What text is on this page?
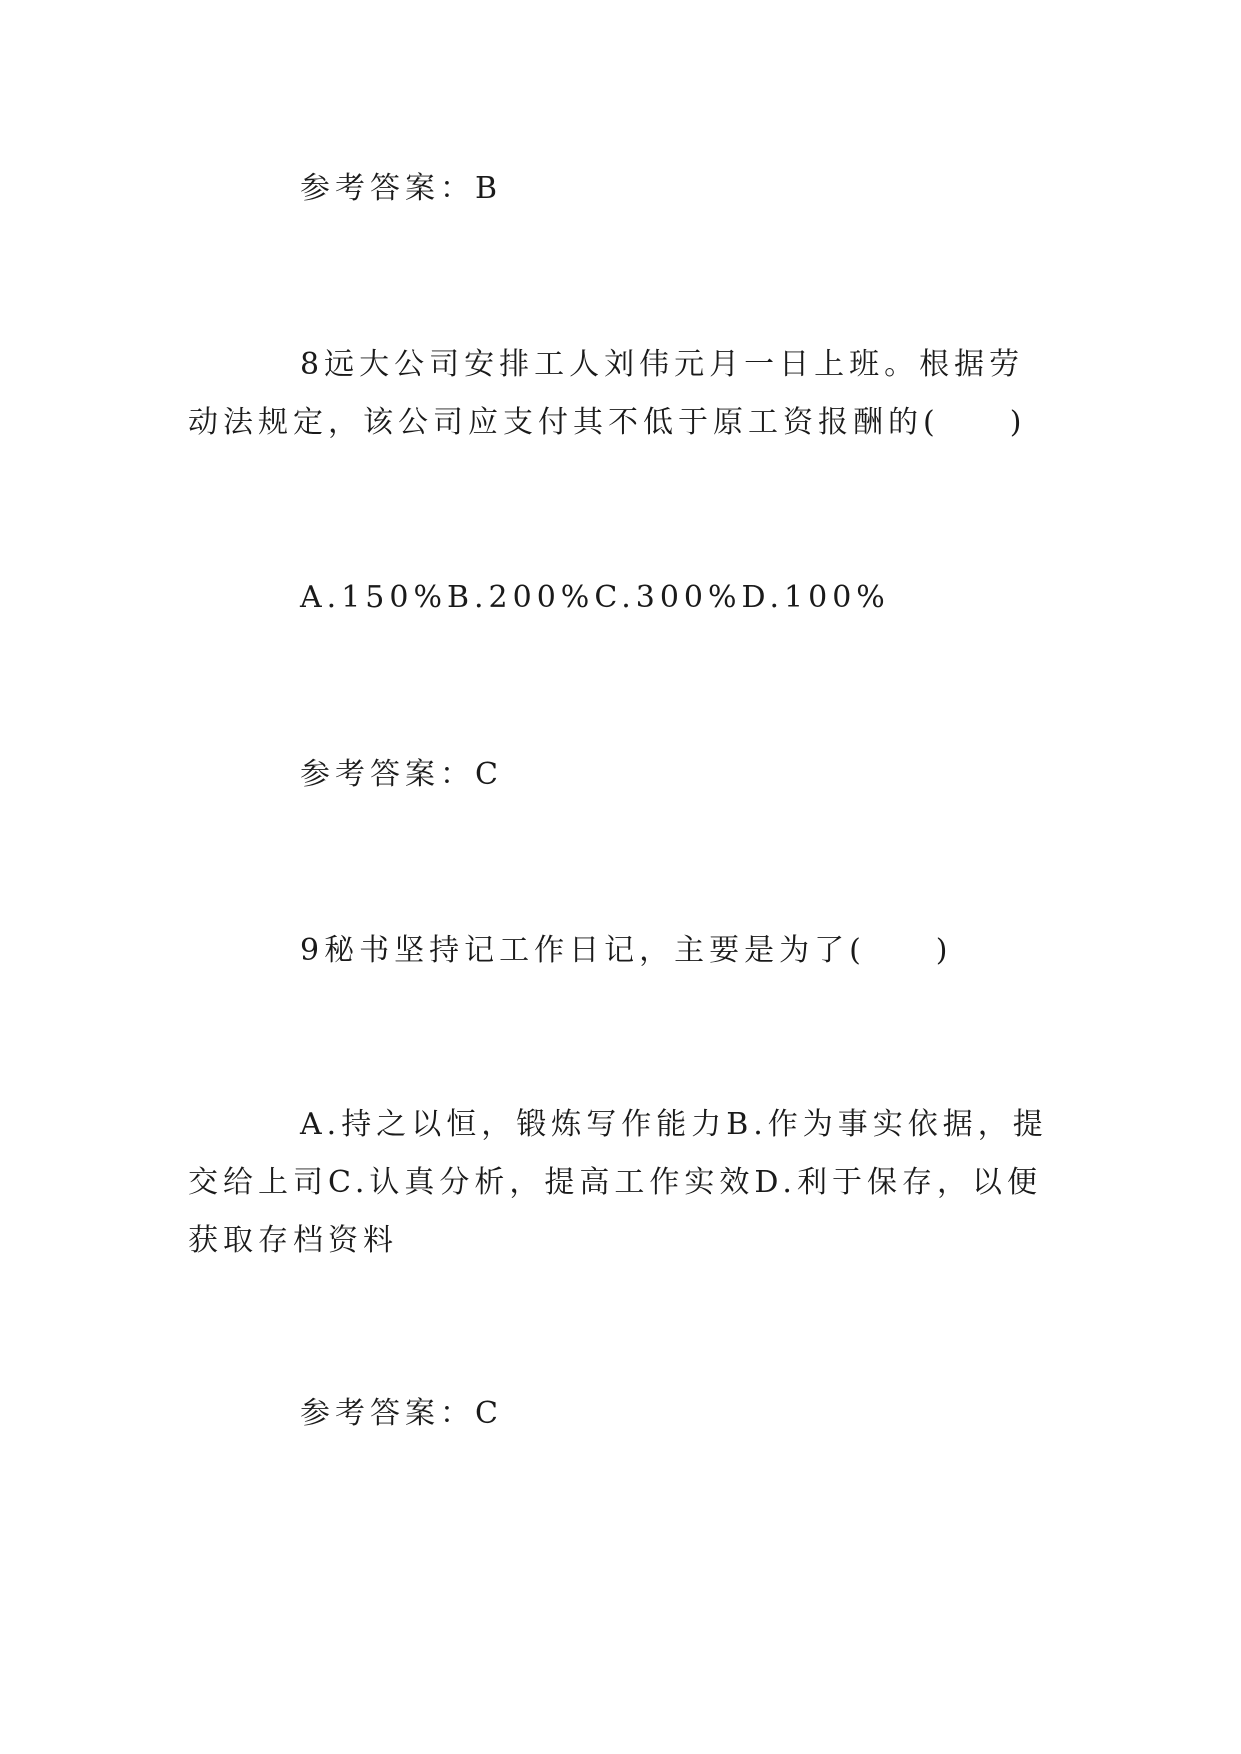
参考答案：B

8远大公司安排工人刘伟元月一日上班。根据劳动法规定，该公司应支付其不低于原工资报酬的(　　)

A.150%B.200%C.300%D.100%

参考答案：C

9秘书坚持记工作日记，主要是为了(　　)

A.持之以恒，锻炼写作能力B.作为事实依据，提交给上司C.认真分析，提高工作实效D.利于保存，以便获取存档资料

参考答案：C
